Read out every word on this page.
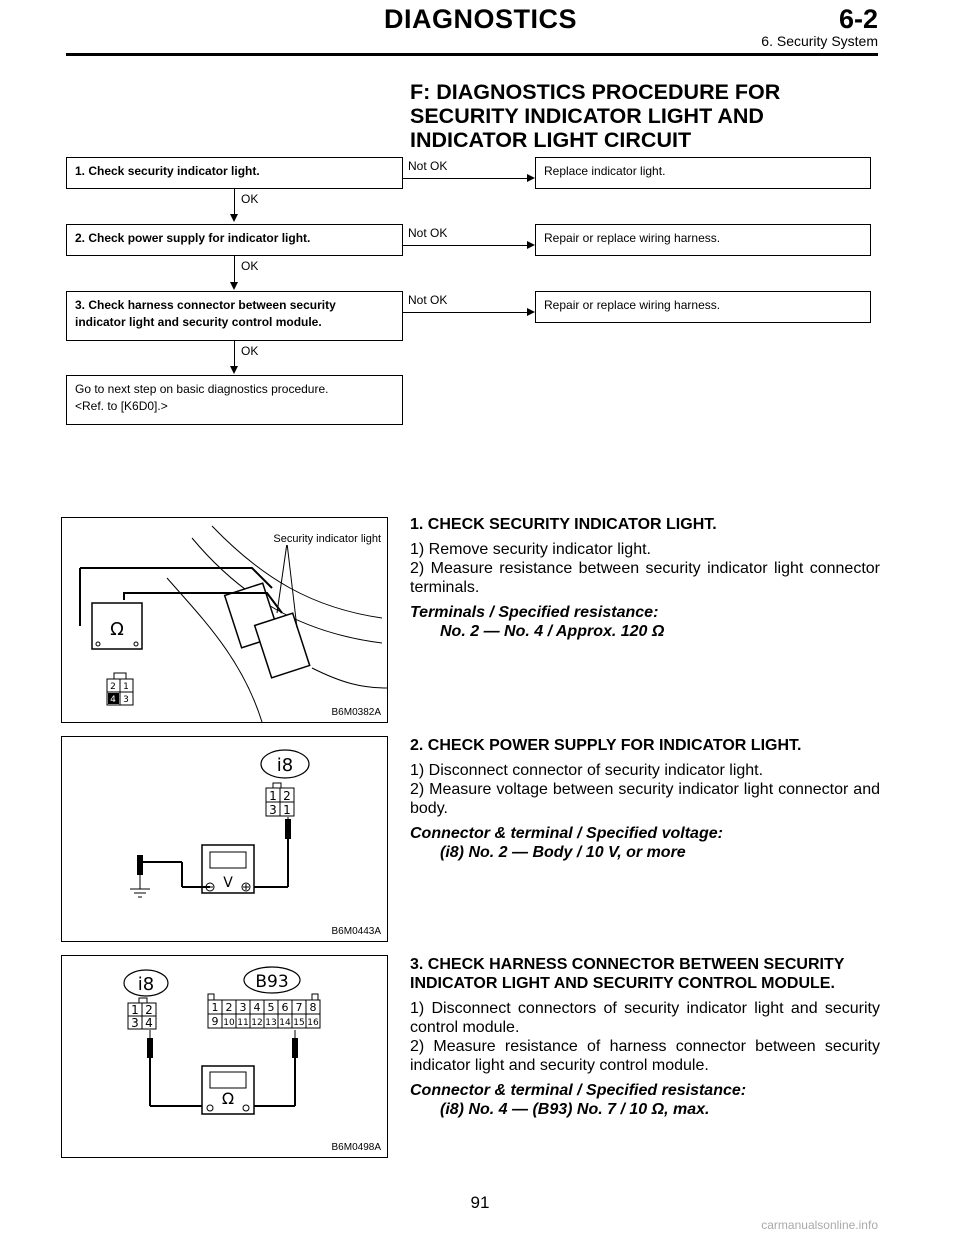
DIAGNOSTICS	6-2
6. Security System
F: DIAGNOSTICS PROCEDURE FOR SECURITY INDICATOR LIGHT AND INDICATOR LIGHT CIRCUIT
1. Check security indicator light.	Not OK	Replace indicator light.
OK
2. Check power supply for indicator light.	Not OK	Repair or replace wiring harness.
OK
3. Check harness connector between security indicator light and security control module.
Not OK	Repair or replace wiring harness.
OK
Go to next step on basic diagnostics procedure.
<Ref. to [K6D0].>
Ω
2 1
4 3
Security indicator light
B6M0382A
1. CHECK SECURITY INDICATOR LIGHT.

1) Remove security indicator light.

2) Measure resistance between security indicator light connector terminals.

Terminals / Specified resistance:
No. 2 — No. 4 / Approx. 120 Ω
i8
1 2
3 1
V
B6M0443A
2. CHECK POWER SUPPLY FOR INDICATOR LIGHT.

1) Disconnect connector of security indicator light.

2) Measure voltage between security indicator light connector and body.

Connector & terminal / Specified voltage:
(i8) No. 2 — Body / 10 V, or more
i8
1 2
3 4
B93
1 2 3 4 5 6 7 8
9 10 11 12 13 14 15 16
Ω
B6M0498A
3. CHECK HARNESS CONNECTOR BETWEEN SECURITY INDICATOR LIGHT AND SECURITY CONTROL MODULE.

1) Disconnect connectors of security indicator light and security control module.

2) Measure resistance of harness connector between security indicator light and security control module.

Connector & terminal / Specified resistance:
(i8) No. 4 — (B93) No. 7 / 10 Ω, max.
91
carmanualsonline.info
